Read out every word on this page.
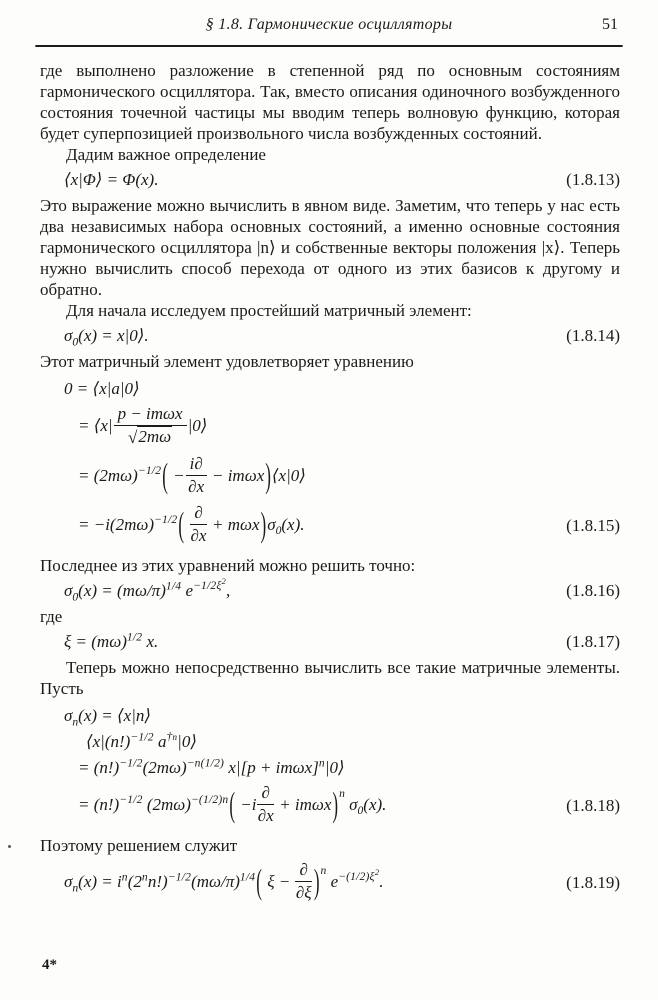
§ 1.8. Гармонические осцилляторы	51

где выполнено разложение в степенной ряд по основным состояниям гармонического осциллятора. Так, вместо описания одиночного возбужденного состояния точечной частицы мы вводим теперь волновую функцию, которая будет суперпозицией произвольного числа возбужденных состояний.

Дадим важное определение

⟨x|Φ⟩ = Φ(x).	(1.8.13)

Это выражение можно вычислить в явном виде. Заметим, что теперь у нас есть два независимых набора основных состояний, а именно основные состояния гармонического осциллятора |n⟩ и собственные векторы положения |x⟩. Теперь нужно вычислить способ перехода от одного из этих базисов к другому и обратно.

Для начала исследуем простейший матричный элемент:

$\sigma_0(x)$ = x|0⟩.	(1.8.14)

Этот матричный элемент удовлетворяет уравнению

0 = ⟨x|a|0⟩
= ⟨x| $\frac{\text{p − imωx}}{√2m\omega}$ |0⟩
= $(2m\omega)^{-1/2}( - \frac{i\partial}{\partial x}$ − imωx)⟨x|0⟩
= $-i(2m\omega)^{-1/2}( \frac{\partial}{\partial x} + m\omega x)\sigma_0(x)$.	(1.8.15)

Последнее из этих уравнений можно решить точно:

$\sigma_0(x) = (m\omega/\pi)^{1/4}$ $e^{-1/2\xi^2}$,	(1.8.16)

где

$\xi = (m\omega)^{1/2}$ x.	(1.8.17)

Теперь можно непосредственно вычислить все такие матричные элементы. Пусть

$\sigma_n(x)$ = ⟨x|n⟩
$⟨x|(n!)^{-1/2}$ $a^{\dagger n}|0⟩$
= $(n!)^{-1/2}(2m\omega)^{-n(1/2)}$ $x|[p + im\omega x]^n|0⟩$
= $(n!)^{-1/2}$ $(2m\omega)^{-(1/2)n}( -i \frac{\partial}{\partial x} + im\omega x)^n$ $\sigma_0(x)$.	(1.8.18)

Поэтому решением служит

$\sigma_n(x) = i^n(2^nn!)^{-1/2}(m\omega/\pi)^{1/4}$( $\xi - \frac{\partial}{\partial\xi} )^n$ $e^{-(1/2)\xi^2}$.	(1.8.19)
4*
